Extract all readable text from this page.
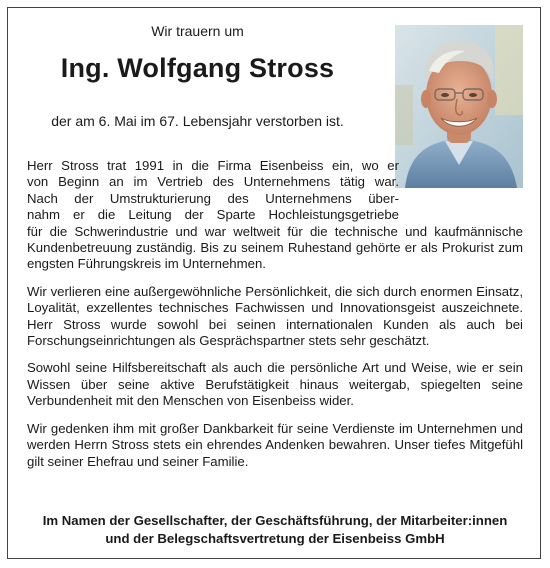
Wir trauern um
Ing. Wolfgang Stross
der am 6. Mai im 67. Lebensjahr verstorben ist.

Herr Stross trat 1991 in die Firma Eisenbeiss ein, wo er
von Beginn an im Vertrieb des Unternehmens tätig war.
Nach der Umstrukturierung des Unternehmens über-
nahm er die Leitung der Sparte Hochleistungsgetriebe
für die Schwerindustrie und war weltweit für die technische und kaufmännische Kundenbetreuung zuständig. Bis zu seinem Ruhestand gehörte er als Prokurist zum engsten Führungskreis im Unternehmen.

Wir verlieren eine außergewöhnliche Persönlichkeit, die sich durch enormen Einsatz, Loyalität, exzellentes technisches Fachwissen und Innovationsgeist auszeichnete. Herr Stross wurde sowohl bei seinen internationalen Kunden als auch bei Forschungseinrichtungen als Gesprächspartner stets sehr geschätzt.

Sowohl seine Hilfsbereitschaft als auch die persönliche Art und Weise, wie er sein Wissen über seine aktive Berufstätigkeit hinaus weitergab, spiegelten seine Verbundenheit mit den Menschen von Eisenbeiss wider.

Wir gedenken ihm mit großer Dankbarkeit für seine Verdienste im Unternehmen und werden Herrn Stross stets ein ehrendes Andenken bewahren. Unser tiefes Mitgefühl gilt seiner Ehefrau und seiner Familie.

Im Namen der Gesellschafter, der Geschäftsführung, der Mitarbeiter:innen
und der Belegschaftsvertretung der Eisenbeiss GmbH
